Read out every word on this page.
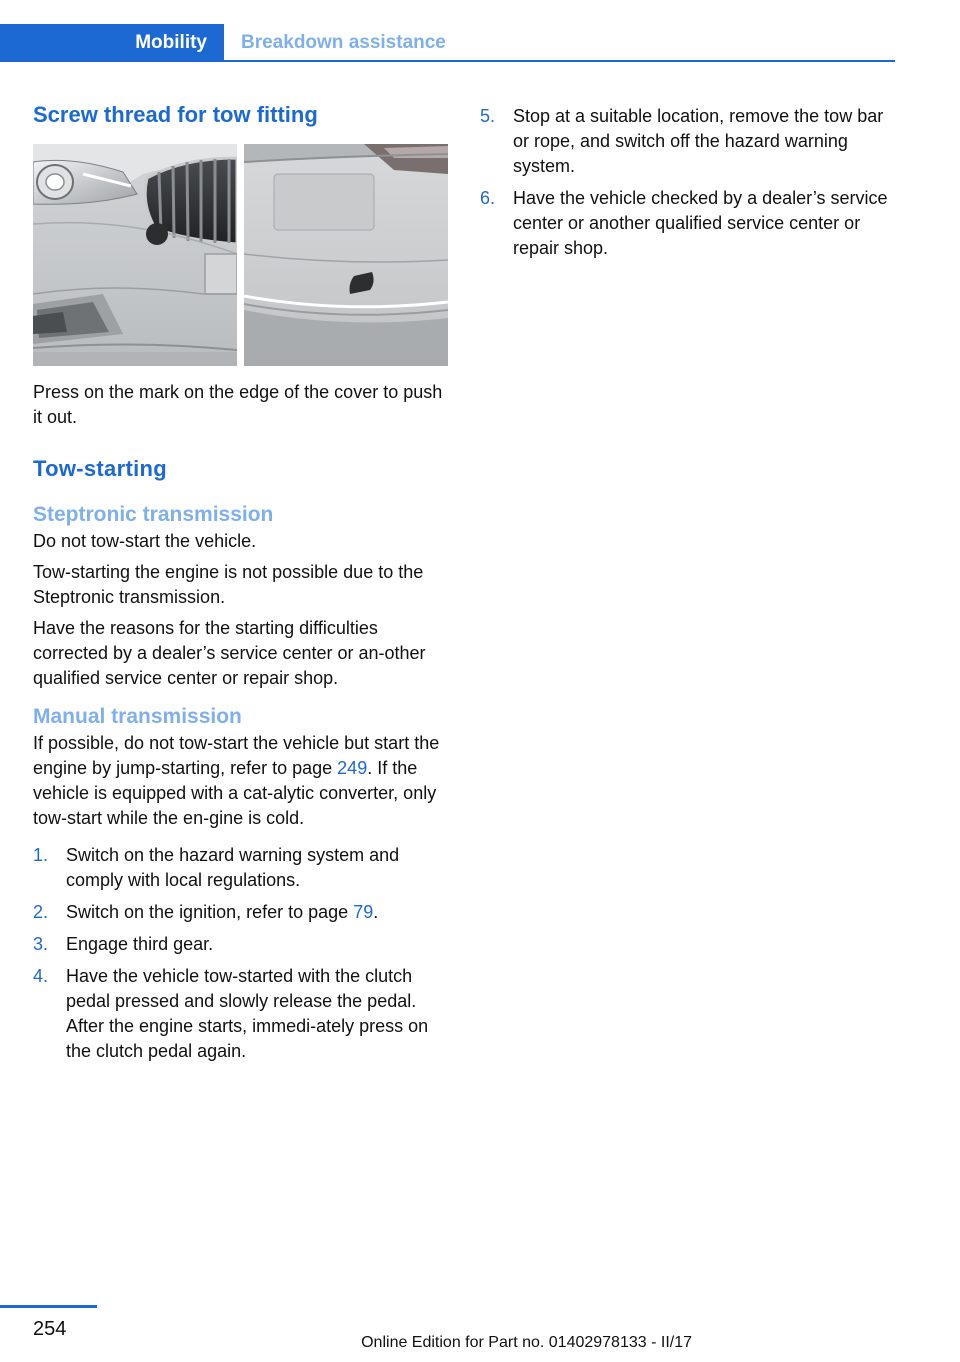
Mobility	Breakdown assistance
Screw thread for tow fitting

Press on the mark on the edge of the cover to push it out.

Tow-starting
Steptronic transmission

Do not tow-start the vehicle.

Tow-starting the engine is not possible due to the Steptronic transmission.

Have the reasons for the starting difficulties corrected by a dealer’s service center or an‐other qualified service center or repair shop.

Manual transmission

If possible, do not tow-start the vehicle but start the engine by jump-starting, refer to page 249. If the vehicle is equipped with a cat‐alytic converter, only tow-start while the en‐gine is cold.

1. Switch on the hazard warning system and comply with local regulations.
2. Switch on the ignition, refer to page 79.
3. Engage third gear.
4. Have the vehicle tow-started with the clutch pedal pressed and slowly release the pedal. After the engine starts, immedi‐ately press on the clutch pedal again.
5. Stop at a suitable location, remove the tow bar or rope, and switch off the hazard warning system.
6. Have the vehicle checked by a dealer’s service center or another qualified service center or repair shop.
254
Online Edition for Part no. 01402978133 - II/17
